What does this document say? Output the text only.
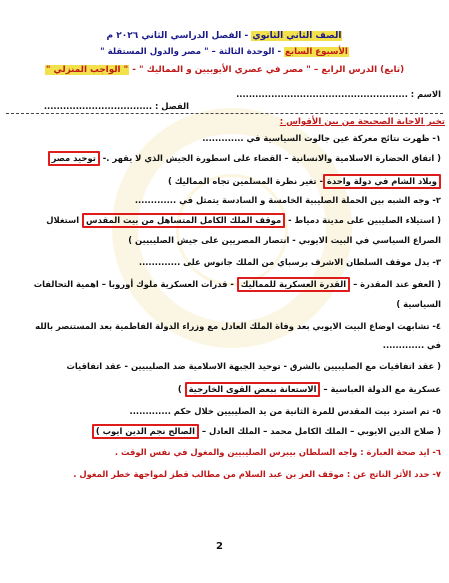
الصف الثاني الثانوي - الفصل الدراسي الثاني ٢٠٢٦ م
الأسبوع السابع - الوحدة الثالثة – " مصر والدول المستقلة "
(تابع) الدرس الرابع – " مصر في عصري الأيوبيين و المماليك " - " الواجب المنزلي "
الاسم : ......................................................
الفصل : ..................................
تخير الاجابة الصحيحة من بين الأقواس :
١- ظهرت نتائج معركة عين جالوت السياسية في .............
( اتفاق الحضارة الاسلامية والانسانية – القضاء على اسطورة الجيش الذي لا يقهر .- توحيد مصر
وبلاد الشام في دولة واحدة- تغير نظرة المسلمين تجاه المماليك )
٢- وجه الشبه بين الحملة الصليبية الخامسة و السادسة يتمثل في .............
( استيلاء الصليبين على مدينة دمياط - موقف الملك الكامل المتساهل من بيت المقدس استغلال
الصراع السياسي في البيت الايوبي - انتصار المصريين على جيش الصليبيين )
٣- يدل موقف السلطان الاشرف برسباي من الملك جانوس على .............
( العفو عند المقدرة – القدرة العسكرية للمماليك - قدرات العسكرية ملوك أوروبا – اهمية التحالفات
السياسية )
٤- تشابهت اوضاع البيت الايوبي بعد وفاة الملك العادل مع وزراء الدولة الفاطمية بعد المستنصر بالله
في .............
( عقد اتفاقيات مع الصليبيين بالشرق - توحيد الجبهة الاسلامية ضد الصليبيين - عقد اتفاقيات
عسكرية مع الدولة العباسية – الاستعانة ببعض القوى الخارجية )
٥- تم استرد بيت المقدس للمرة الثانية من يد الصليبيين خلال حكم .............
( صلاح الدين الايوبي – الملك الكامل محمد – الملك العادل – الصالح نجم الدين ايوب )
٦- ايد صحة العبارة : واجه السلطان بيبرس الصليبيين والمغول في نفس الوقت .
٧- حدد الأثر الناتج عن : موقف العز بن عبد السلام من مطالب قطز لمواجهة خطر المغول .
2
